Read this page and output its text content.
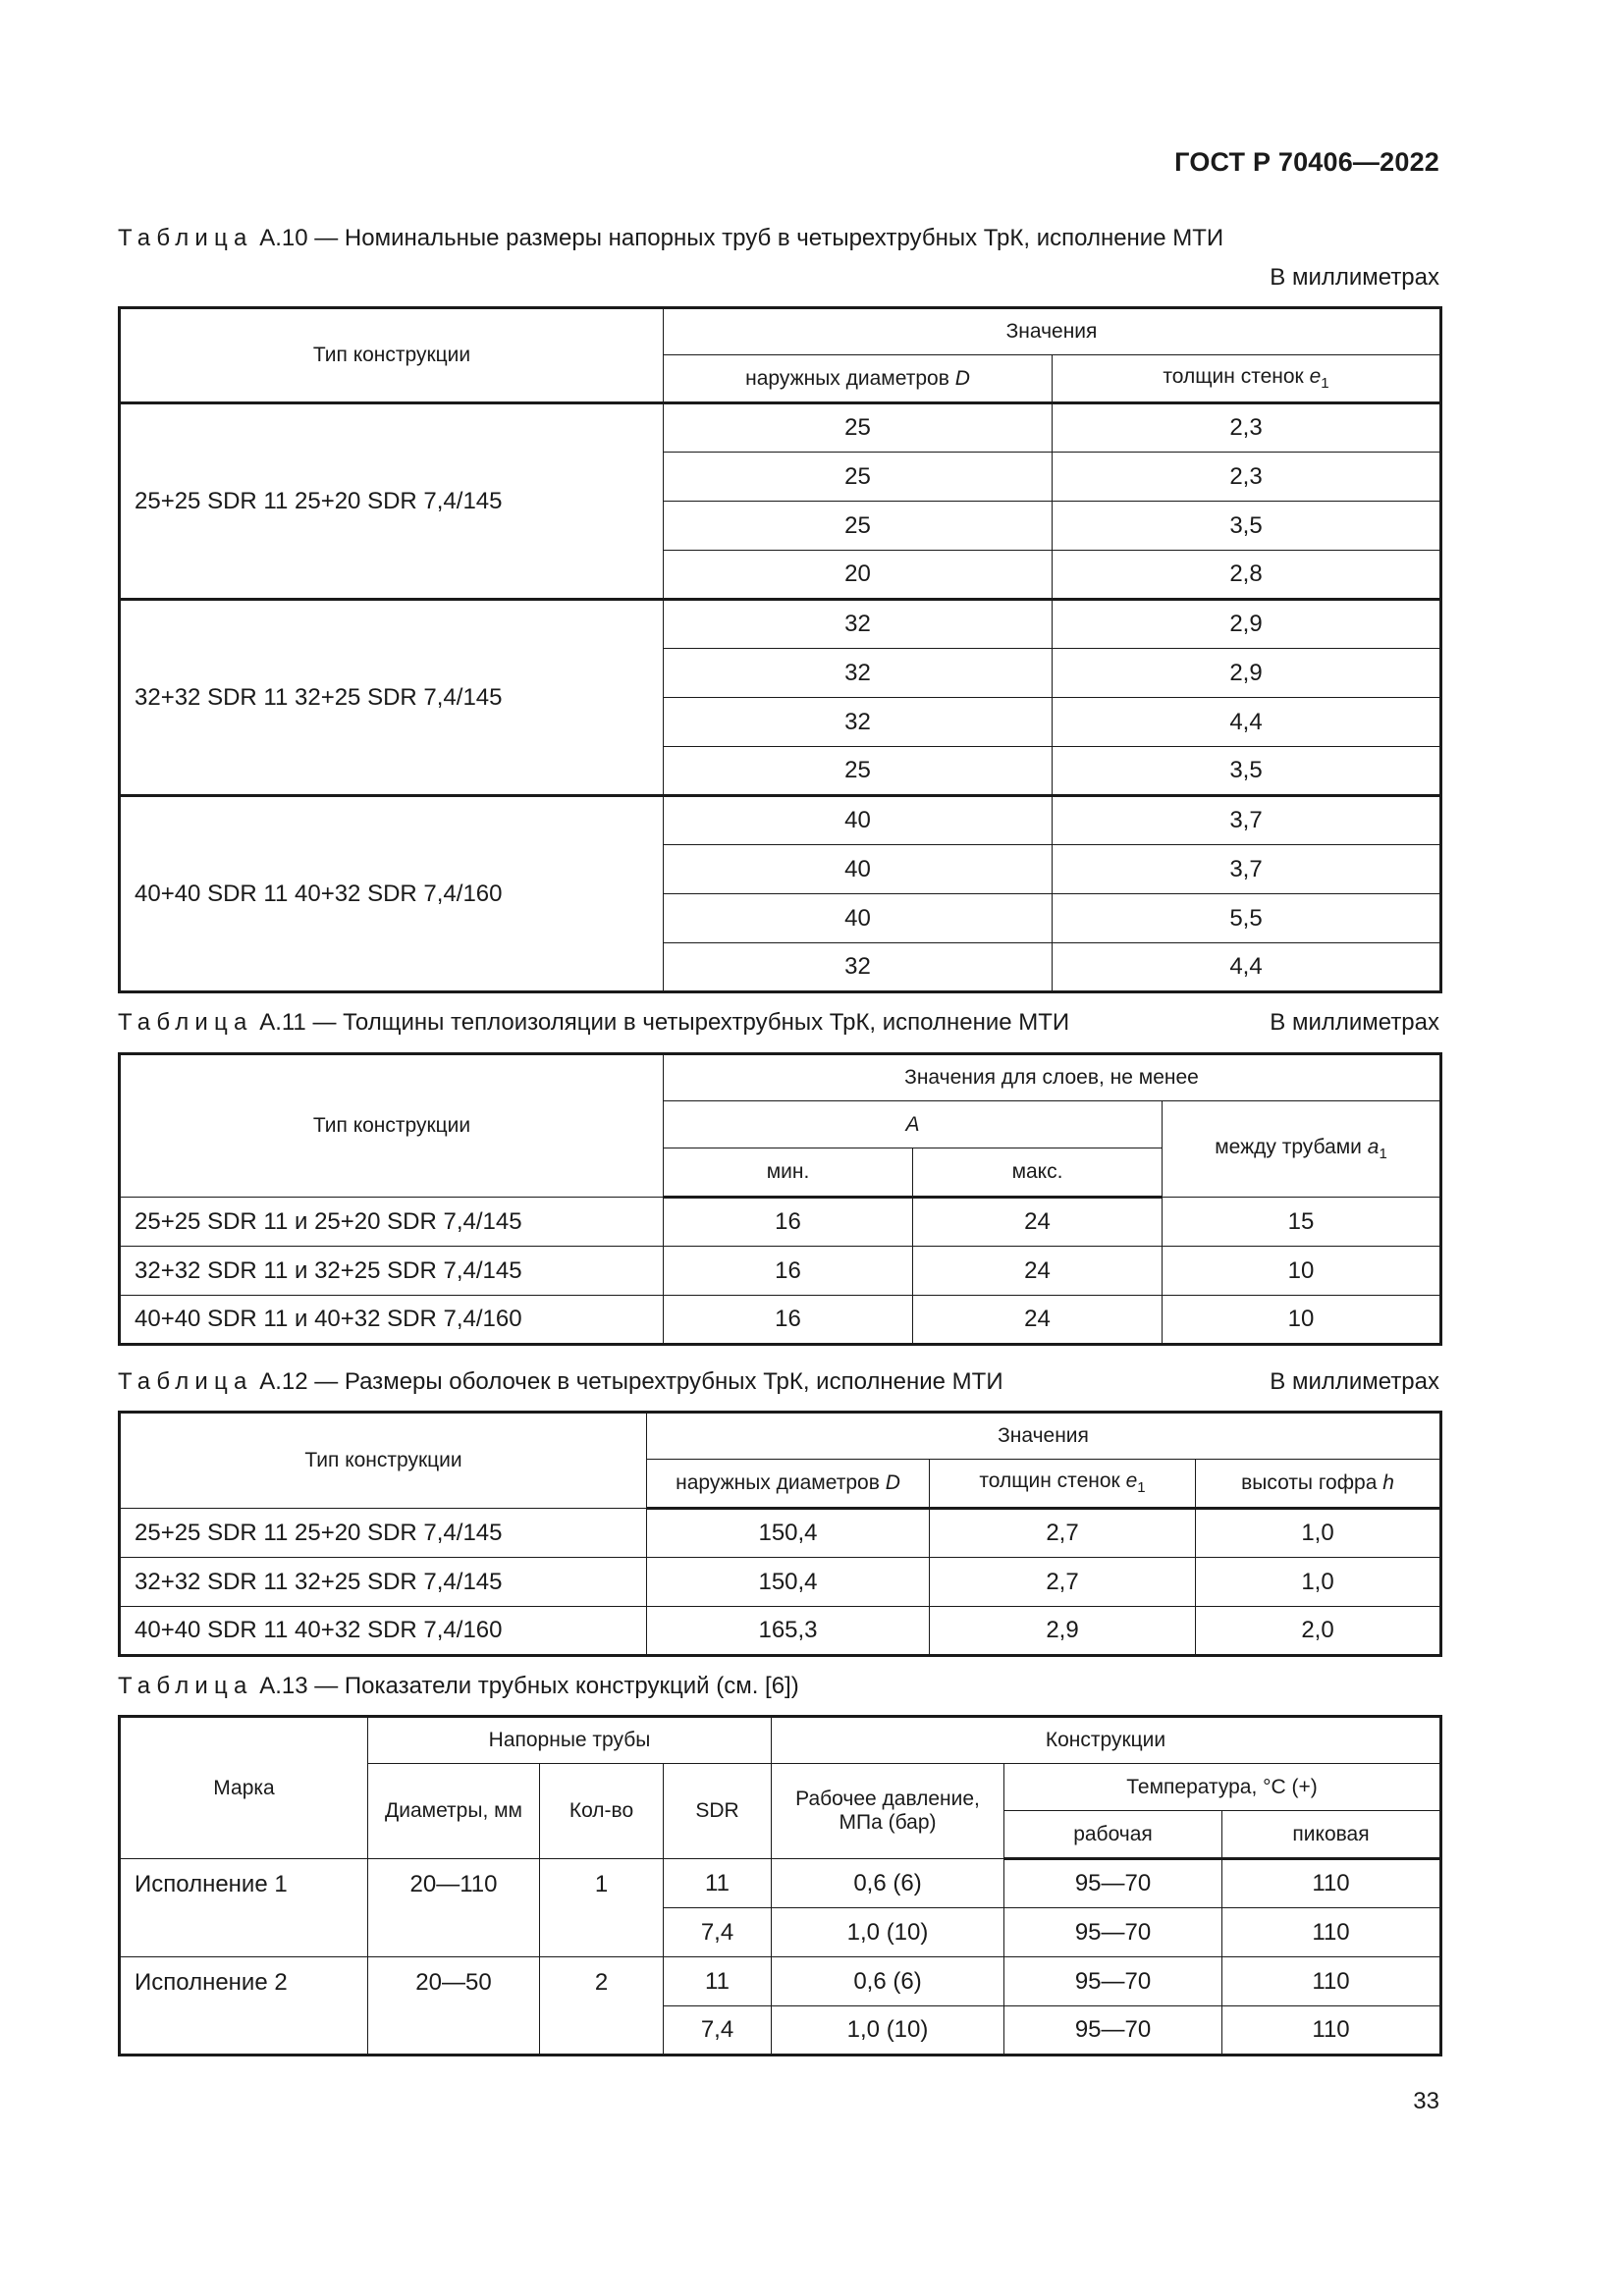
ГОСТ Р 70406—2022
Таблица А.10 — Номинальные размеры напорных труб в четырехтрубных ТрК, исполнение МТИ
В миллиметрах
Тип конструкции	Значения	
	наружных диаметров D	толщин стенок $e_1$
25+25 SDR 11 25+20 SDR 7,4/145	25	2,3
	25	2,3
	25	3,5
	20	2,8
32+32 SDR 11 32+25 SDR 7,4/145	32	2,9
	32	2,9
	32	4,4
	25	3,5
40+40 SDR 11 40+32 SDR 7,4/160	40	3,7
	40	3,7
	40	5,5
	32	4,4
Таблица А.11 — Толщины теплоизоляции в четырехтрубных ТрК, исполнение МТИ	В миллиметрах
Тип конструкции	Значения для слоев, не менее		
	A		между трубами $a_1$
	мин.	макс.	
25+25 SDR 11 и 25+20 SDR 7,4/145	16	24	15
32+32 SDR 11 и 32+25 SDR 7,4/145	16	24	10
40+40 SDR 11 и 40+32 SDR 7,4/160	16	24	10
Таблица А.12 — Размеры оболочек в четырехтрубных ТрК, исполнение МТИ	В миллиметрах
Тип конструкции	Значения		
	наружных диаметров D	толщин стенок $e_1$	высоты гофра h
25+25 SDR 11 25+20 SDR 7,4/145	150,4	2,7	1,0
32+32 SDR 11 32+25 SDR 7,4/145	150,4	2,7	1,0
40+40 SDR 11 40+32 SDR 7,4/160	165,3	2,9	2,0
Таблица А.13 — Показатели трубных конструкций (см. [6])
Марка	Напорные трубы			Конструкции		
	Диаметры, мм	Кол-во	SDR	Рабочее давление, МПа (бар)	Температура, °С (+)	
					рабочая	пиковая
Исполнение 1	20—110	1	11	0,6 (6)	95—70	110
			7,4	1,0 (10)	95—70	110
Исполнение 2	20—50	2	11	0,6 (6)	95—70	110
			7,4	1,0 (10)	95—70	110
33
